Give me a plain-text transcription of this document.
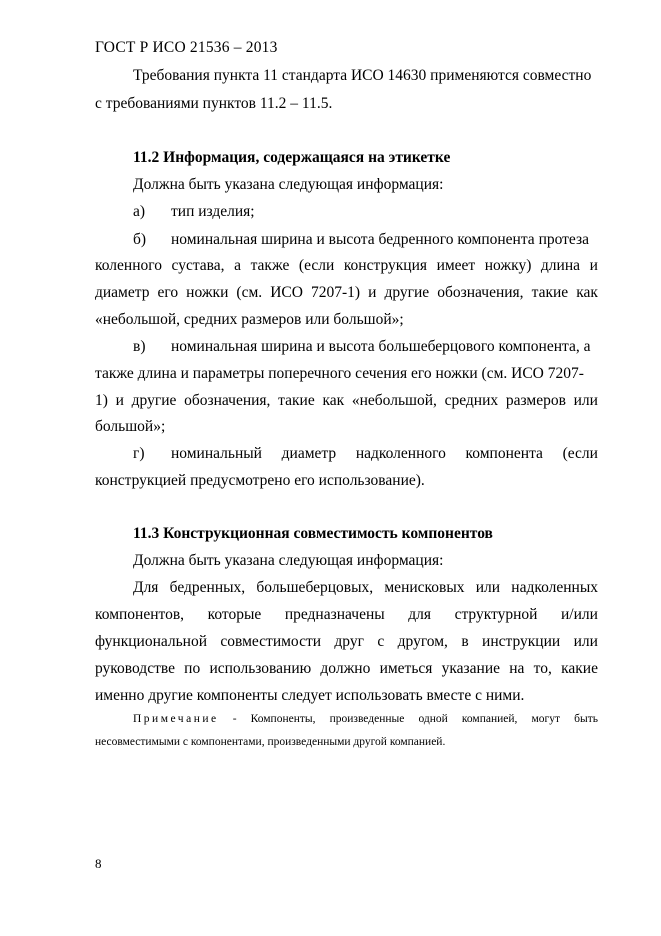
ГОСТ Р ИСО 21536 – 2013
Требования пункта 11 стандарта ИСО 14630 применяются совместно
с требованиями пунктов 11.2 – 11.5.
11.2 Информация, содержащаяся на этикетке
Должна быть указана следующая информация:
а) тип изделия;
б) номинальная ширина и высота бедренного компонента протеза
коленного сустава, а также (если конструкция имеет ножку) длина и
диаметр его ножки (см. ИСО 7207-1) и другие обозначения, такие как
«небольшой, средних размеров или большой»;
в) номинальная ширина и высота большеберцового компонента, а
также длина и параметры поперечного сечения его ножки (см. ИСО 7207-
1) и другие обозначения, такие как «небольшой, средних размеров или
большой»;
г) номинальный диаметр надколенного компонента (если
конструкцией предусмотрено его использование).
11.3 Конструкционная совместимость компонентов
Должна быть указана следующая информация:
Для бедренных, большеберцовых, менисковых или надколенных
компонентов, которые предназначены для структурной и/или
функциональной совместимости друг с другом, в инструкции или
руководстве по использованию должно иметься указание на то, какие
именно другие компоненты следует использовать вместе с ними.
Примечание - Компоненты, произведенные одной компанией, могут быть
несовместимыми с компонентами, произведенными другой компанией.
8
